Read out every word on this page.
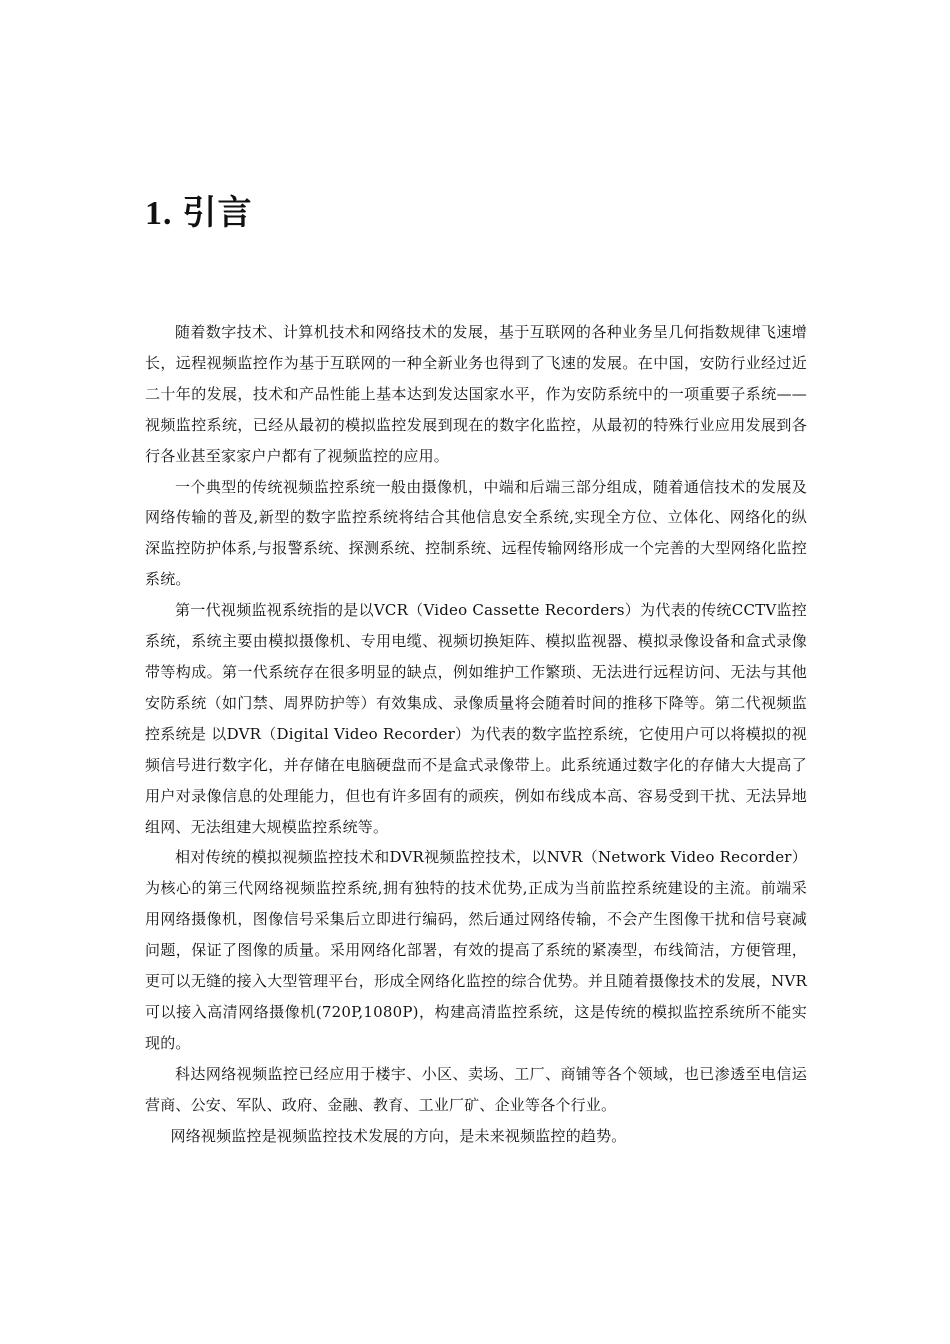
1. 引言

随着数字技术、计算机技术和网络技术的发展，基于互联网的各种业务呈几何指数规律飞速增长，远程视频监控作为基于互联网的一种全新业务也得到了飞速的发展。在中国，安防行业经过近二十年的发展，技术和产品性能上基本达到发达国家水平，作为安防系统中的一项重要子系统——视频监控系统，已经从最初的模拟监控发展到现在的数字化监控，从最初的特殊行业应用发展到各行各业甚至家家户户都有了视频监控的应用。

一个典型的传统视频监控系统一般由摄像机，中端和后端三部分组成，随着通信技术的发展及网络传输的普及,新型的数字监控系统将结合其他信息安全系统,实现全方位、立体化、网络化的纵深监控防护体系,与报警系统、探测系统、控制系统、远程传输网络形成一个完善的大型网络化监控系统。

第一代视频监视系统指的是以VCR（Video Cassette Recorders）为代表的传统CCTV监控系统，系统主要由模拟摄像机、专用电缆、视频切换矩阵、模拟监视器、模拟录像设备和盒式录像带等构成。第一代系统存在很多明显的缺点，例如维护工作繁琐、无法进行远程访问、无法与其他安防系统（如门禁、周界防护等）有效集成、录像质量将会随着时间的推移下降等。第二代视频监控系统是 以DVR（Digital Video Recorder）为代表的数字监控系统，它使用户可以将模拟的视频信号进行数字化，并存储在电脑硬盘而不是盒式录像带上。此系统通过数字化的存储大大提高了用户对录像信息的处理能力，但也有许多固有的顽疾，例如布线成本高、容易受到干扰、无法异地组网、无法组建大规模监控系统等。

相对传统的模拟视频监控技术和DVR视频监控技术，以NVR（Network Video Recorder）为核心的第三代网络视频监控系统,拥有独特的技术优势,正成为当前监控系统建设的主流。前端采用网络摄像机，图像信号采集后立即进行编码，然后通过网络传输，不会产生图像干扰和信号衰减问题，保证了图像的质量。采用网络化部署，有效的提高了系统的紧凑型，布线简洁，方便管理，更可以无缝的接入大型管理平台，形成全网络化监控的综合优势。并且随着摄像技术的发展，NVR可以接入高清网络摄像机(720P,1080P)，构建高清监控系统，这是传统的模拟监控系统所不能实现的。

科达网络视频监控已经应用于楼宇、小区、卖场、工厂、商铺等各个领域，也已渗透至电信运营商、公安、军队、政府、金融、教育、工业厂矿、企业等各个行业。

网络视频监控是视频监控技术发展的方向，是未来视频监控的趋势。
